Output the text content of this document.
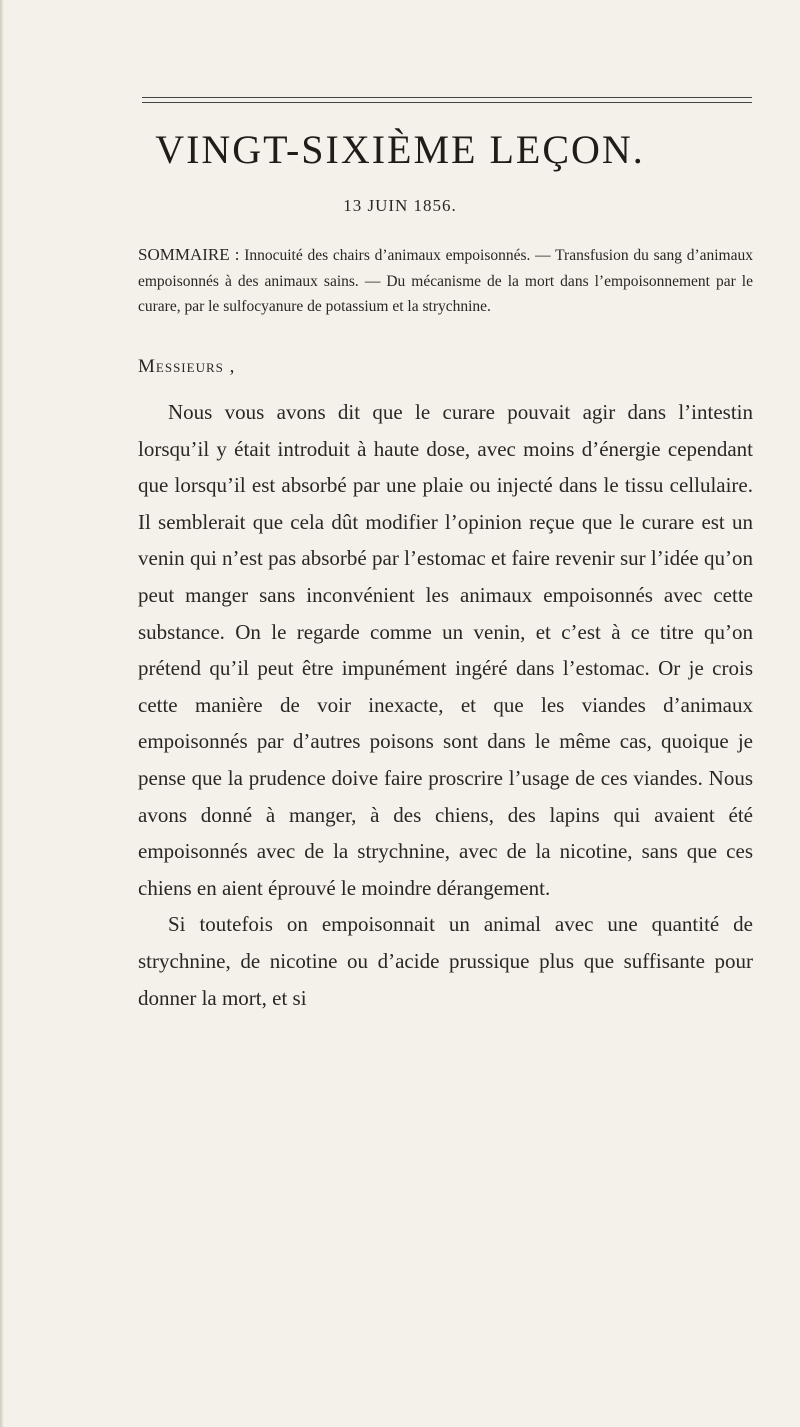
VINGT-SIXIÈME LEÇON.
13 JUIN 1856.
SOMMAIRE : Innocuité des chairs d’animaux empoisonnés. — Transfusion du sang d’animaux empoisonnés à des animaux sains. — Du mécanisme de la mort dans l’empoisonnement par le curare, par le sulfocyanure de potassium et la strychnine.
Messieurs ,

Nous vous avons dit que le curare pouvait agir dans l’intestin lorsqu’il y était introduit à haute dose, avec moins d’énergie cependant que lorsqu’il est absorbé par une plaie ou injecté dans le tissu cellulaire. Il semblerait que cela dût modifier l’opinion reçue que le curare est un venin qui n’est pas absorbé par l’estomac et faire revenir sur l’idée qu’on peut manger sans inconvénient les animaux empoisonnés avec cette substance. On le regarde comme un venin, et c’est à ce titre qu’on prétend qu’il peut être impunément ingéré dans l’estomac. Or je crois cette manière de voir inexacte, et que les viandes d’animaux empoisonnés par d’autres poisons sont dans le même cas, quoique je pense que la prudence doive faire proscrire l’usage de ces viandes. Nous avons donné à manger, à des chiens, des lapins qui avaient été empoisonnés avec de la strychnine, avec de la nicotine, sans que ces chiens en aient éprouvé le moindre dérangement.

Si toutefois on empoisonnait un animal avec une quantité de strychnine, de nicotine ou d’acide prussique plus que suffisante pour donner la mort, et si
